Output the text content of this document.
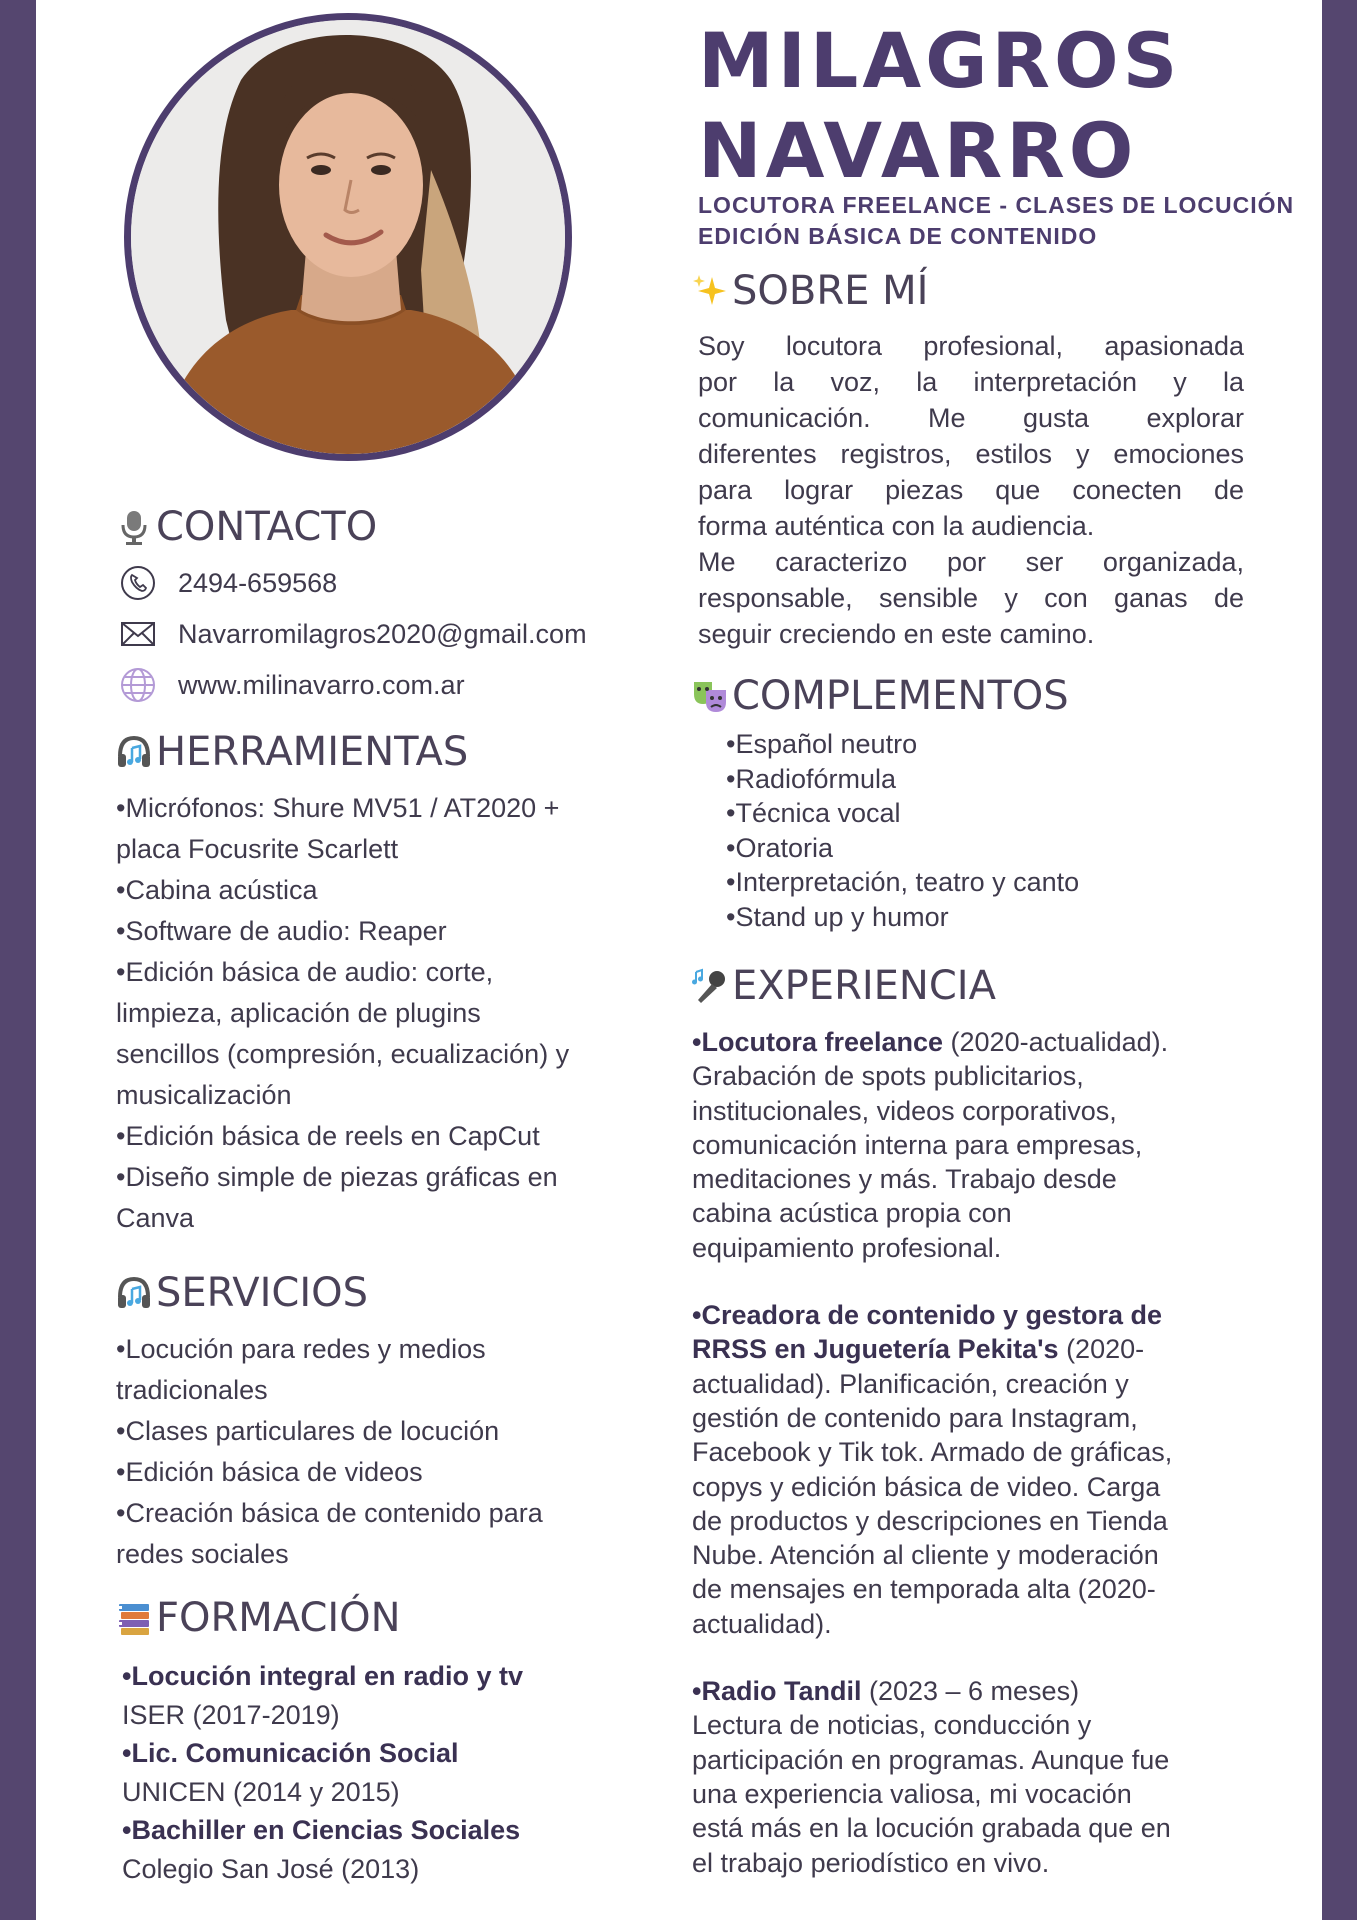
MILAGROS
NAVARRO
LOCUTORA FREELANCE - CLASES DE LOCUCIÓN
EDICIÓN BÁSICA DE CONTENIDO
SOBRE MÍ
Soy locutora profesional, apasionada
por la voz, la interpretación y la
comunicación. Me gusta explorar
diferentes registros, estilos y emociones
para lograr piezas que conecten de
forma auténtica con la audiencia.
Me caracterizo por ser organizada,
responsable, sensible y con ganas de
seguir creciendo en este camino.
CONTACTO
2494-659568
Navarromilagros2020@gmail.com
www.milinavarro.com.ar
HERRAMIENTAS
•Micrófonos: Shure MV51 / AT2020 +
placa Focusrite Scarlett
•Cabina acústica
•Software de audio: Reaper
•Edición básica de audio: corte,
limpieza, aplicación de plugins
sencillos (compresión, ecualización) y
musicalización
•Edición básica de reels en CapCut
•Diseño simple de piezas gráficas en
Canva
SERVICIOS
•Locución para redes y medios
tradicionales
•Clases particulares de locución
•Edición básica de videos
•Creación básica de contenido para
redes sociales
FORMACIÓN
•Locución integral en radio y tv
ISER (2017-2019)
•Lic. Comunicación Social
UNICEN (2014 y 2015)
•Bachiller en Ciencias Sociales
Colegio San José (2013)
COMPLEMENTOS
•Español neutro
•Radiofórmula
•Técnica vocal
•Oratoria
•Interpretación, teatro y canto
•Stand up y humor
EXPERIENCIA
•Locutora freelance (2020-actualidad).
Grabación de spots publicitarios,
institucionales, videos corporativos,
comunicación interna para empresas,
meditaciones y más. Trabajo desde
cabina acústica propia con
equipamiento profesional.
•Creadora de contenido y gestora de
RRSS en Juguetería Pekita's (2020-
actualidad). Planificación, creación y
gestión de contenido para Instagram,
Facebook y Tik tok. Armado de gráficas,
copys y edición básica de video. Carga
de productos y descripciones en Tienda
Nube. Atención al cliente y moderación
de mensajes en temporada alta (2020-
actualidad).
•Radio Tandil (2023 – 6 meses)
Lectura de noticias, conducción y
participación en programas. Aunque fue
una experiencia valiosa, mi vocación
está más en la locución grabada que en
el trabajo periodístico en vivo.
